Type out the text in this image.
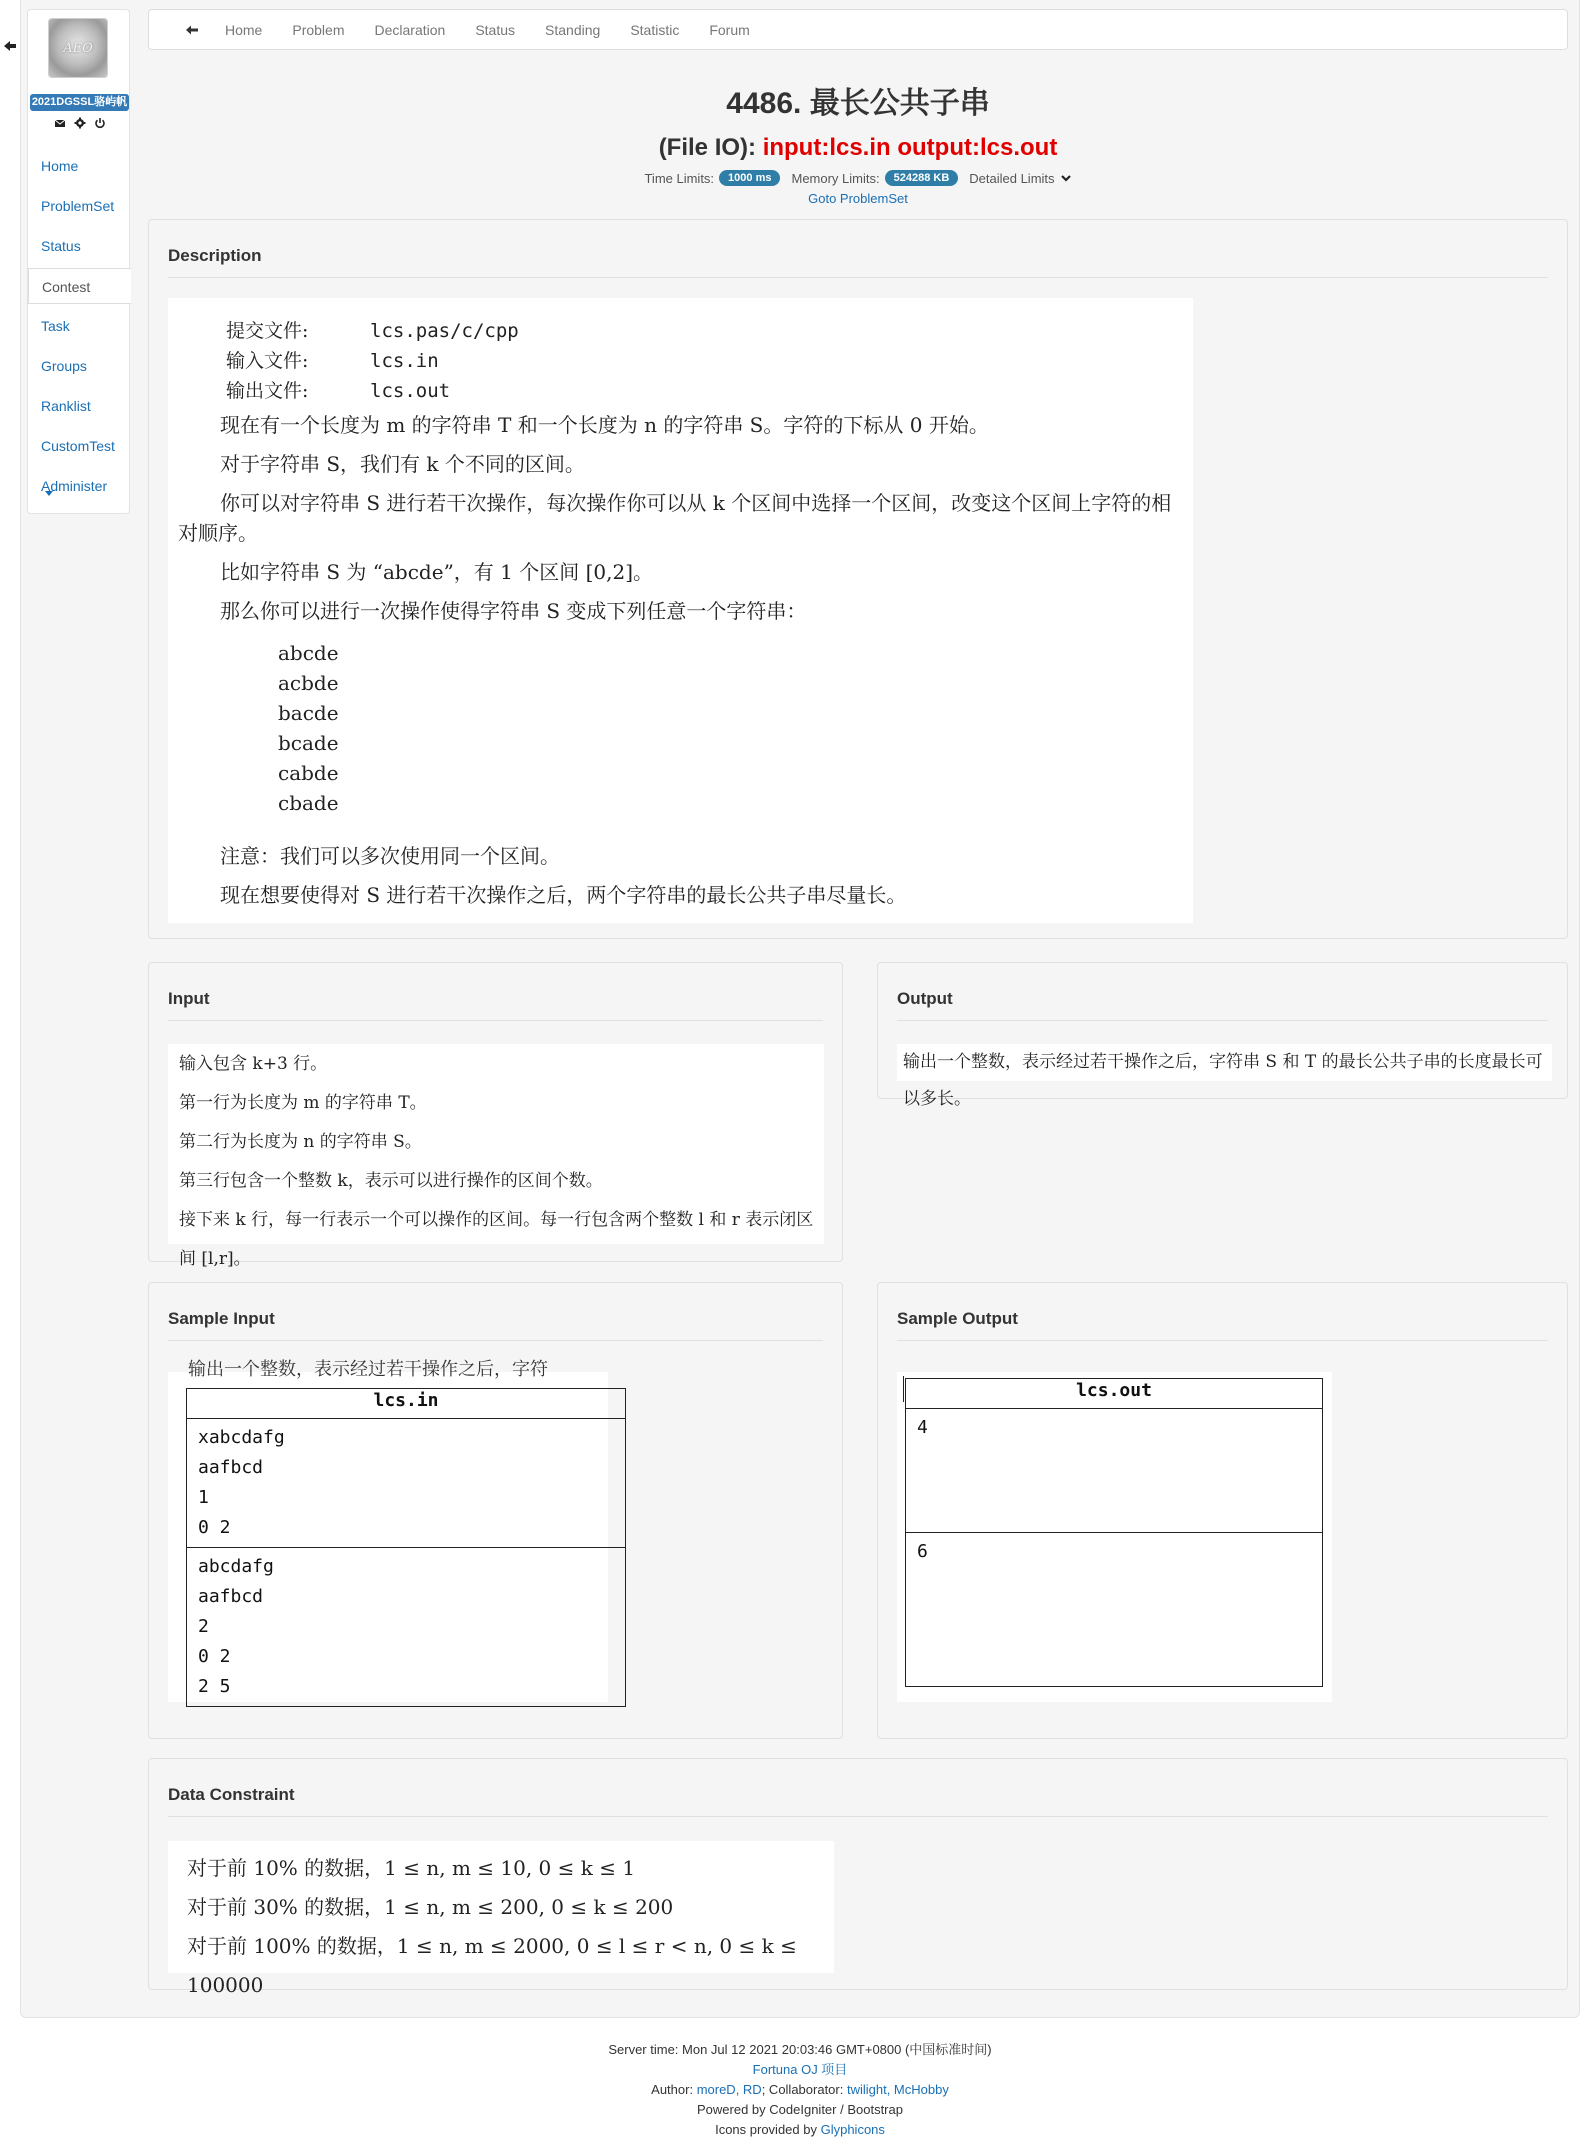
AEO
2021DGSSL骆屿帆
Home
ProblemSet
Status
Contest
Task
Groups
Ranklist
CustomTest
Administer
Home Problem Declaration Status Standing Statistic Forum
4486. 最长公共子串
(File IO): input:lcs.in output:lcs.out
Time Limits:	1000 ms	Memory Limits:	524288 KB	Detailed Limits
Goto ProblemSet
Description
提交文件:	lcs.pas/c/cpp
输入文件:	lcs.in
输出文件:	lcs.out
现在有一个长度为 m 的字符串 T 和一个长度为 n 的字符串 S。字符的下标从 0 开始。
对于字符串 S，我们有 k 个不同的区间。
你可以对字符串 S 进行若干次操作，每次操作你可以从 k 个区间中选择一个区间，改变这个区间上字符的相对顺序。
比如字符串 S 为 “abcde”，有 1 个区间 [0,2]。
那么你可以进行一次操作使得字符串 S 变成下列任意一个字符串：
abcde
acbde
bacde
bcade
cabde
cbade
注意：我们可以多次使用同一个区间。
现在想要使得对 S 进行若干次操作之后，两个字符串的最长公共子串尽量长。
Input
输入包含 k+3 行。
第一行为长度为 m 的字符串 T。
第二行为长度为 n 的字符串 S。
第三行包含一个整数 k，表示可以进行操作的区间个数。
接下来 k 行，每一行表示一个可以操作的区间。每一行包含两个整数 l 和 r 表示闭区间 [l,r]。
Output
输出一个整数，表示经过若干操作之后，字符串 S 和 T 的最长公共子串的长度最长可以多长。
Sample Input
输出一个整数，表示经过若干操作之后，字符
lcs.in

xabcdafg
aafbcd
1
0 2

abcdafg
aafbcd
2
0 2
2 5
Sample Output
lcs.out

4

6
Data Constraint
对于前 10% 的数据，1 ≤ n, m ≤ 10, 0 ≤ k ≤ 1
对于前 30% 的数据，1 ≤ n, m ≤ 200, 0 ≤ k ≤ 200
对于前 100% 的数据，1 ≤ n, m ≤ 2000, 0 ≤ l ≤ r < n, 0 ≤ k ≤ 100000
Server time: Mon Jul 12 2021 20:03:46 GMT+0800 (中国标准时间)
Fortuna OJ 项目
Author: moreD, RD; Collaborator: twilight, McHobby
Powered by CodeIgniter / Bootstrap
Icons provided by Glyphicons
